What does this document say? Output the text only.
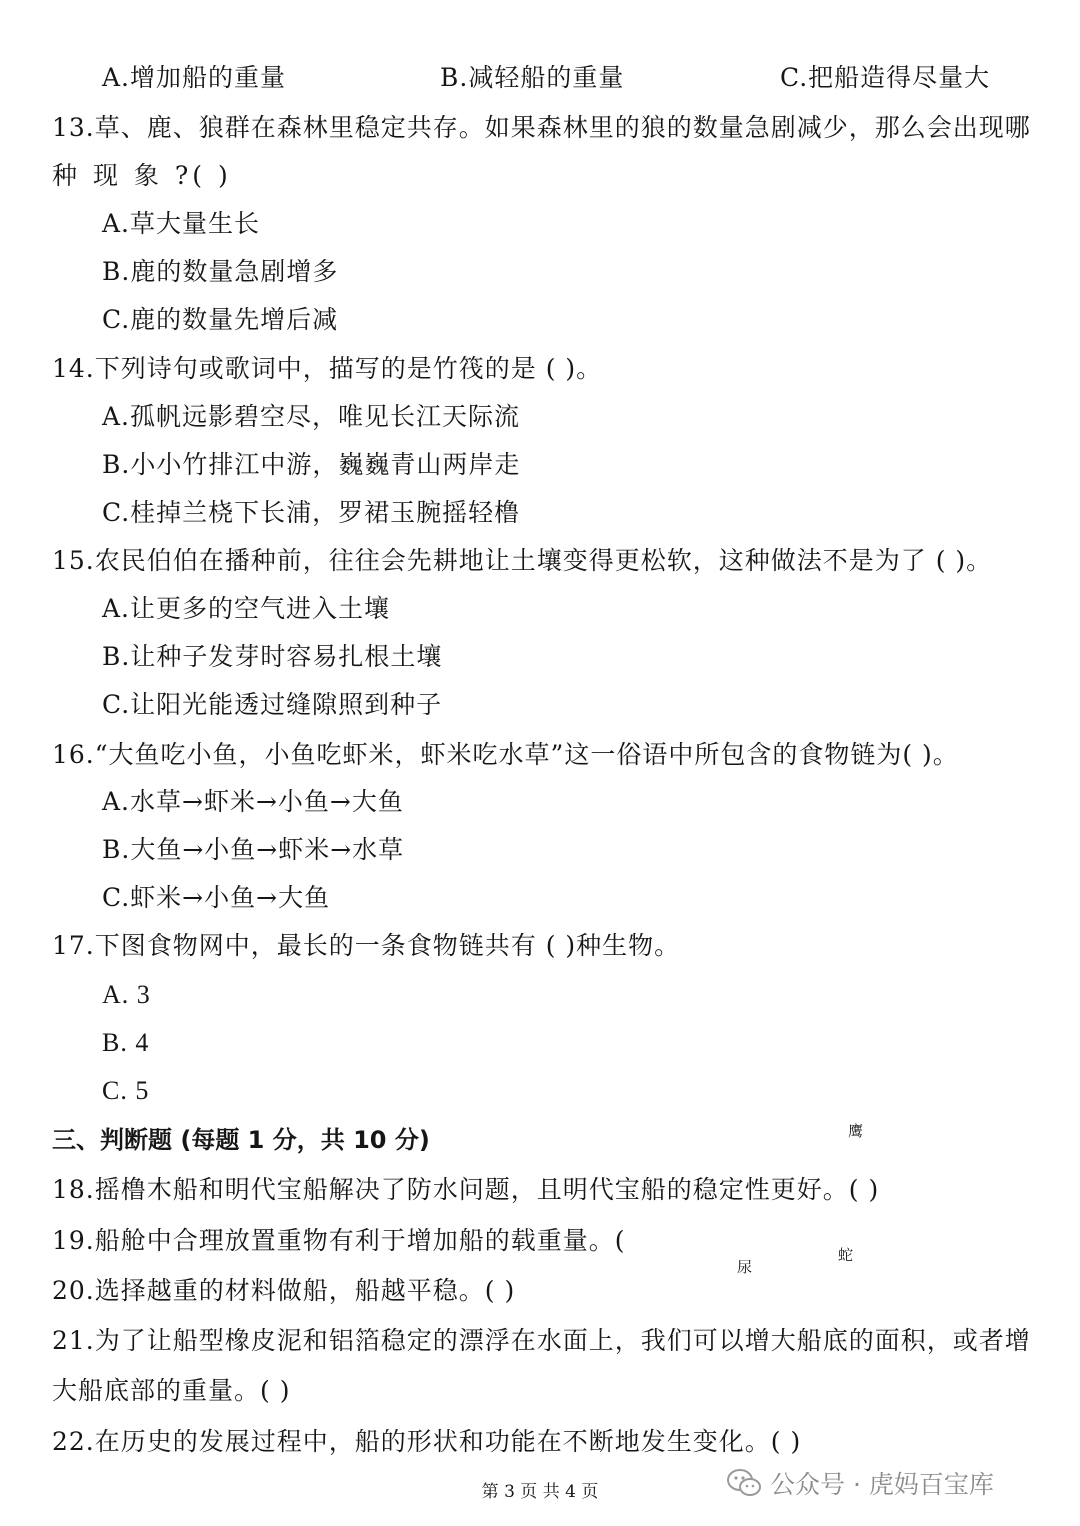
A.增加船的重量	B.减轻船的重量	C.把船造得尽量大
13.草、鹿、狼群在森林里稳定共存。如果森林里的狼的数量急剧减少，那么会出现哪
种 现 象 ?( )
A.草大量生长
B.鹿的数量急剧增多
C.鹿的数量先增后减
14.下列诗句或歌词中，描写的是竹筏的是 ( )。
A.孤帆远影碧空尽，唯见长江天际流
B.小小竹排江中游，巍巍青山两岸走
C.桂掉兰桡下长浦，罗裙玉腕摇轻橹
15.农民伯伯在播种前，往往会先耕地让土壤变得更松软，这种做法不是为了 ( )。
A.让更多的空气进入土壤
B.让种子发芽时容易扎根土壤
C.让阳光能透过缝隙照到种子
16.“大鱼吃小鱼，小鱼吃虾米，虾米吃水草”这一俗语中所包含的食物链为( )。
A.水草→虾米→小鱼→大鱼
B.大鱼→小鱼→虾米→水草
C.虾米→小鱼→大鱼
17.下图食物网中，最长的一条食物链共有 ( )种生物。
A. 3
B. 4
C. 5
三、判断题 (每题 1 分，共 10 分)	鹰
蛇
尿
18.摇橹木船和明代宝船解决了防水问题，且明代宝船的稳定性更好。( )
19.船舱中合理放置重物有利于增加船的载重量。(
20.选择越重的材料做船，船越平稳。( )
21.为了让船型橡皮泥和铝箔稳定的漂浮在水面上，我们可以增大船底的面积，或者增
大船底部的重量。( )
22.在历史的发展过程中，船的形状和功能在不断地发生变化。( )
第 3 页 共 4 页	公众号 · 虎妈百宝库
